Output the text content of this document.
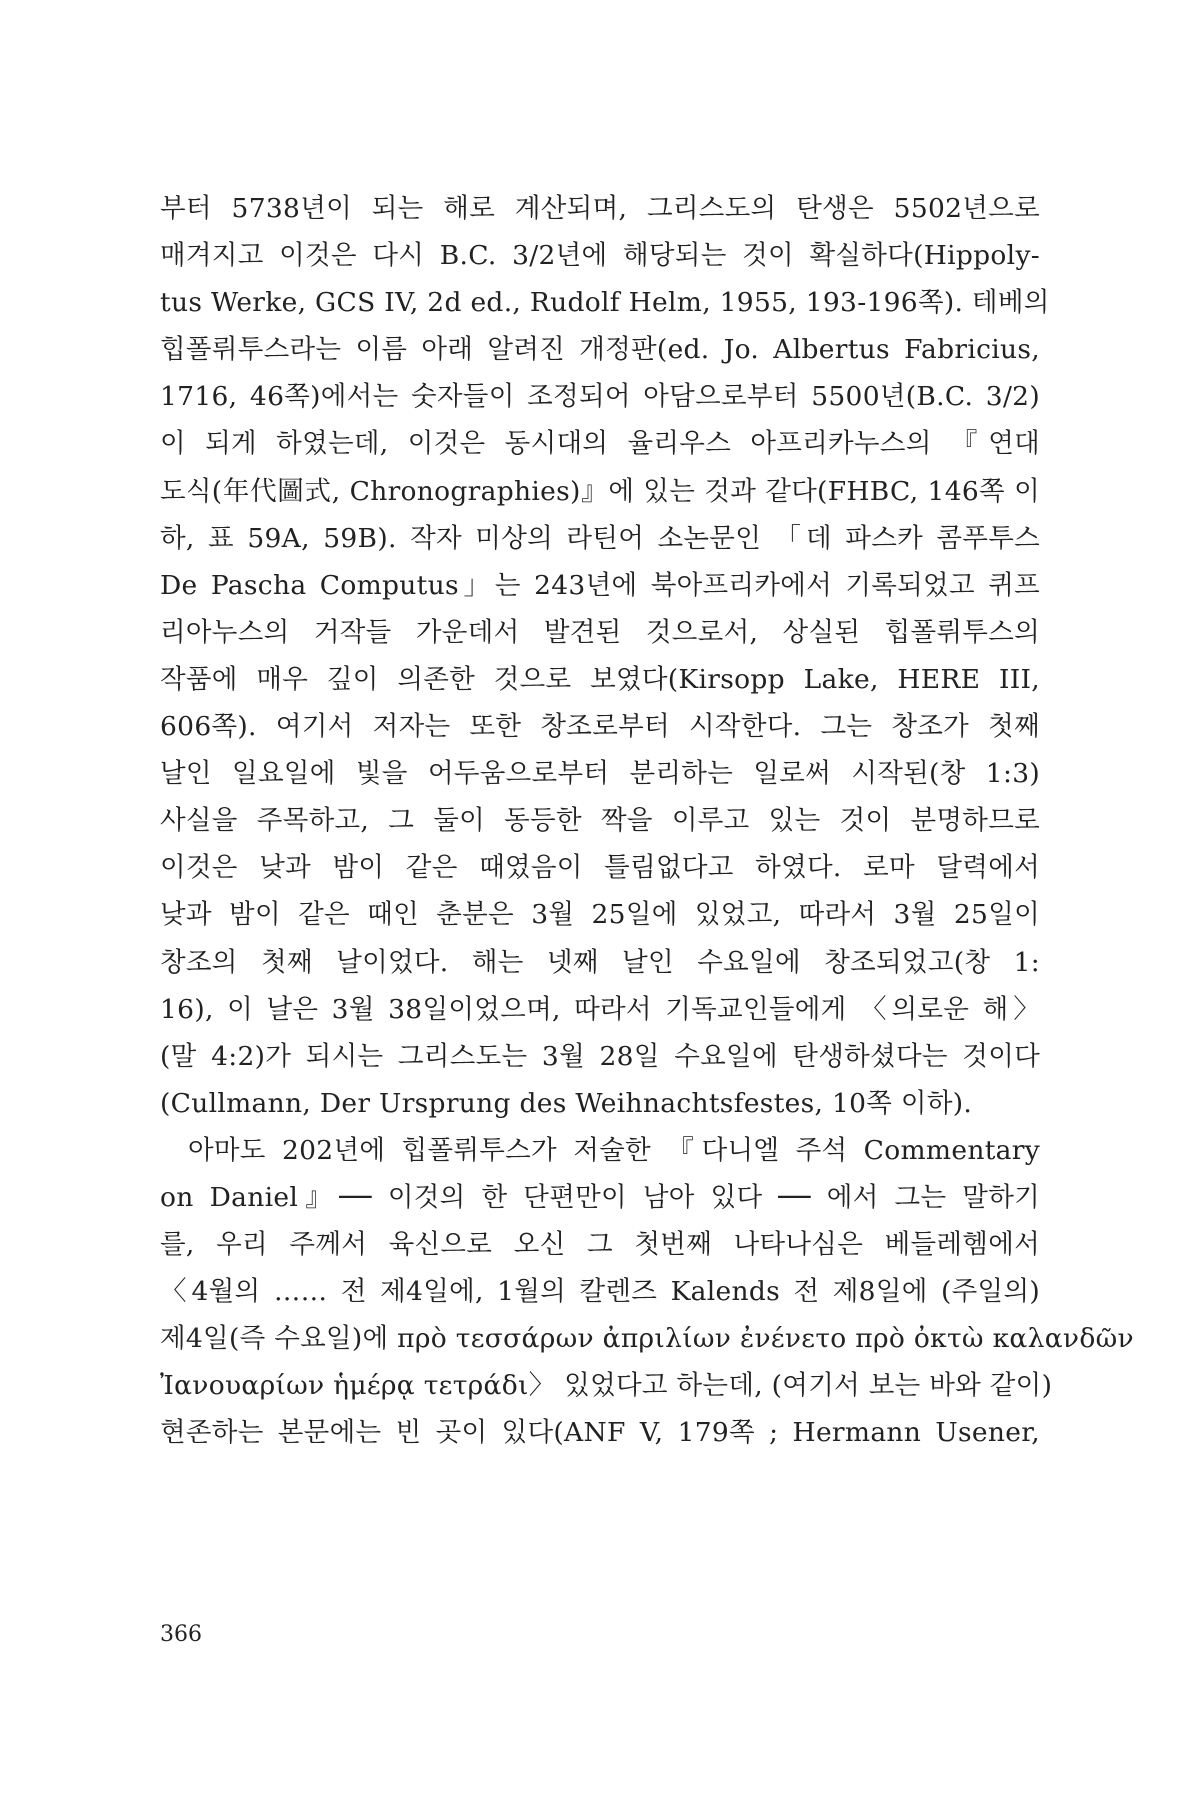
부터 5738년이 되는 해로 계산되며, 그리스도의 탄생은 5502년으로
매겨지고 이것은 다시 B.C. 3/2년에 해당되는 것이 확실하다(Hippoly-
tus Werke, GCS IV, 2d ed., Rudolf Helm, 1955, 193-196쪽). 테베의
힙폴뤼투스라는 이름 아래 알려진 개정판(ed. Jo. Albertus Fabricius,
1716, 46쪽)에서는 숫자들이 조정되어 아담으로부터 5500년(B.C. 3/2)
이 되게 하였는데, 이것은 동시대의 율리우스 아프리카누스의 『연대
도식(年代圖式, Chronographies)』에 있는 것과 같다(FHBC, 146쪽 이
하, 표 59A, 59B). 작자 미상의 라틴어 소논문인 「데 파스카 콤푸투스
De Pascha Computus」는 243년에 북아프리카에서 기록되었고 퀴프
리아누스의 거작들 가운데서 발견된 것으로서, 상실된 힙폴뤼투스의
작품에 매우 깊이 의존한 것으로 보였다(Kirsopp Lake, HERE III,
606쪽). 여기서 저자는 또한 창조로부터 시작한다. 그는 창조가 첫째
날인 일요일에 빛을 어두움으로부터 분리하는 일로써 시작된(창 1:3)
사실을 주목하고, 그 둘이 동등한 짝을 이루고 있는 것이 분명하므로
이것은 낮과 밤이 같은 때였음이 틀림없다고 하였다. 로마 달력에서
낮과 밤이 같은 때인 춘분은 3월 25일에 있었고, 따라서 3월 25일이
창조의 첫째 날이었다. 해는 넷째 날인 수요일에 창조되었고(창 1:
16), 이 날은 3월 38일이었으며, 따라서 기독교인들에게 〈의로운 해〉
(말 4:2)가 되시는 그리스도는 3월 28일 수요일에 탄생하셨다는 것이다
(Cullmann, Der Ursprung des Weihnachtsfestes, 10쪽 이하).
아마도 202년에 힙폴뤼투스가 저술한 『다니엘 주석 Commentary
on Daniel』── 이것의 한 단편만이 남아 있다 ── 에서 그는 말하기
를, 우리 주께서 육신으로 오신 그 첫번째 나타나심은 베들레헴에서
〈4월의 …… 전 제4일에, 1월의 칼렌즈 Kalends 전 제8일에 (주일의)
제4일(즉 수요일)에 πρὸ τεσσάρων ἀπριλίων ἐνένετο πρὸ ὀκτὼ καλανδῶν
Ἰανουαρίων ἡμέρᾳ τετράδι〉 있었다고 하는데, (여기서 보는 바와 같이)
현존하는 본문에는 빈 곳이 있다(ANF V, 179쪽 ; Hermann Usener,
366
